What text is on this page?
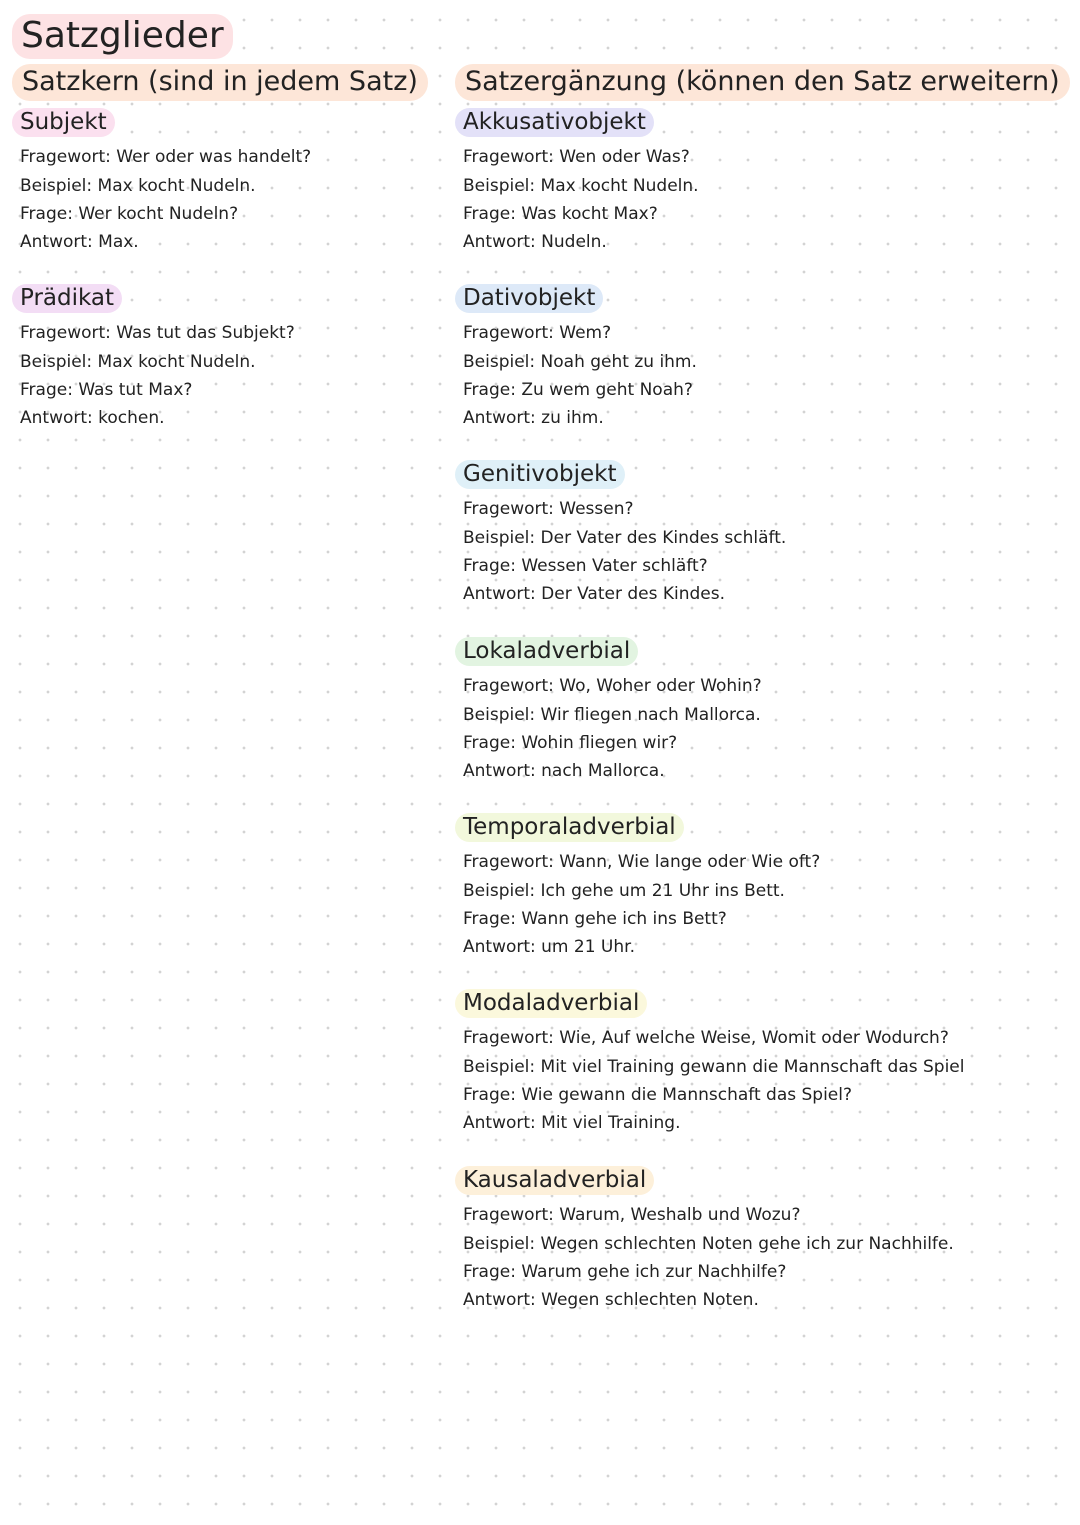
Satzglieder
Satzkern (sind in jedem Satz)	Satzergänzung (können den Satz erweitern)
Subjekt
Fragewort: Wer oder was handelt?
Beispiel: Max kocht Nudeln.
Frage: Wer kocht Nudeln?
Antwort: Max.
Prädikat
Fragewort: Was tut das Subjekt?
Beispiel: Max kocht Nudeln.
Frage: Was tut Max?
Antwort: kochen.
Akkusativobjekt
Fragewort: Wen oder Was?
Beispiel: Max kocht Nudeln.
Frage: Was kocht Max?
Antwort: Nudeln.
Dativobjekt
Fragewort: Wem?
Beispiel: Noah geht zu ihm.
Frage: Zu wem geht Noah?
Antwort: zu ihm.
Genitivobjekt
Fragewort: Wessen?
Beispiel: Der Vater des Kindes schläft.
Frage: Wessen Vater schläft?
Antwort: Der Vater des Kindes.
Lokaladverbial
Fragewort: Wo, Woher oder Wohin?
Beispiel: Wir fliegen nach Mallorca.
Frage: Wohin fliegen wir?
Antwort: nach Mallorca.
Temporaladverbial
Fragewort: Wann, Wie lange oder Wie oft?
Beispiel: Ich gehe um 21 Uhr ins Bett.
Frage: Wann gehe ich ins Bett?
Antwort: um 21 Uhr.
Modaladverbial
Fragewort: Wie, Auf welche Weise, Womit oder Wodurch?
Beispiel: Mit viel Training gewann die Mannschaft das Spiel
Frage: Wie gewann die Mannschaft das Spiel?
Antwort: Mit viel Training.
Kausaladverbial
Fragewort: Warum, Weshalb und Wozu?
Beispiel: Wegen schlechten Noten gehe ich zur Nachhilfe.
Frage: Warum gehe ich zur Nachhilfe?
Antwort: Wegen schlechten Noten.
